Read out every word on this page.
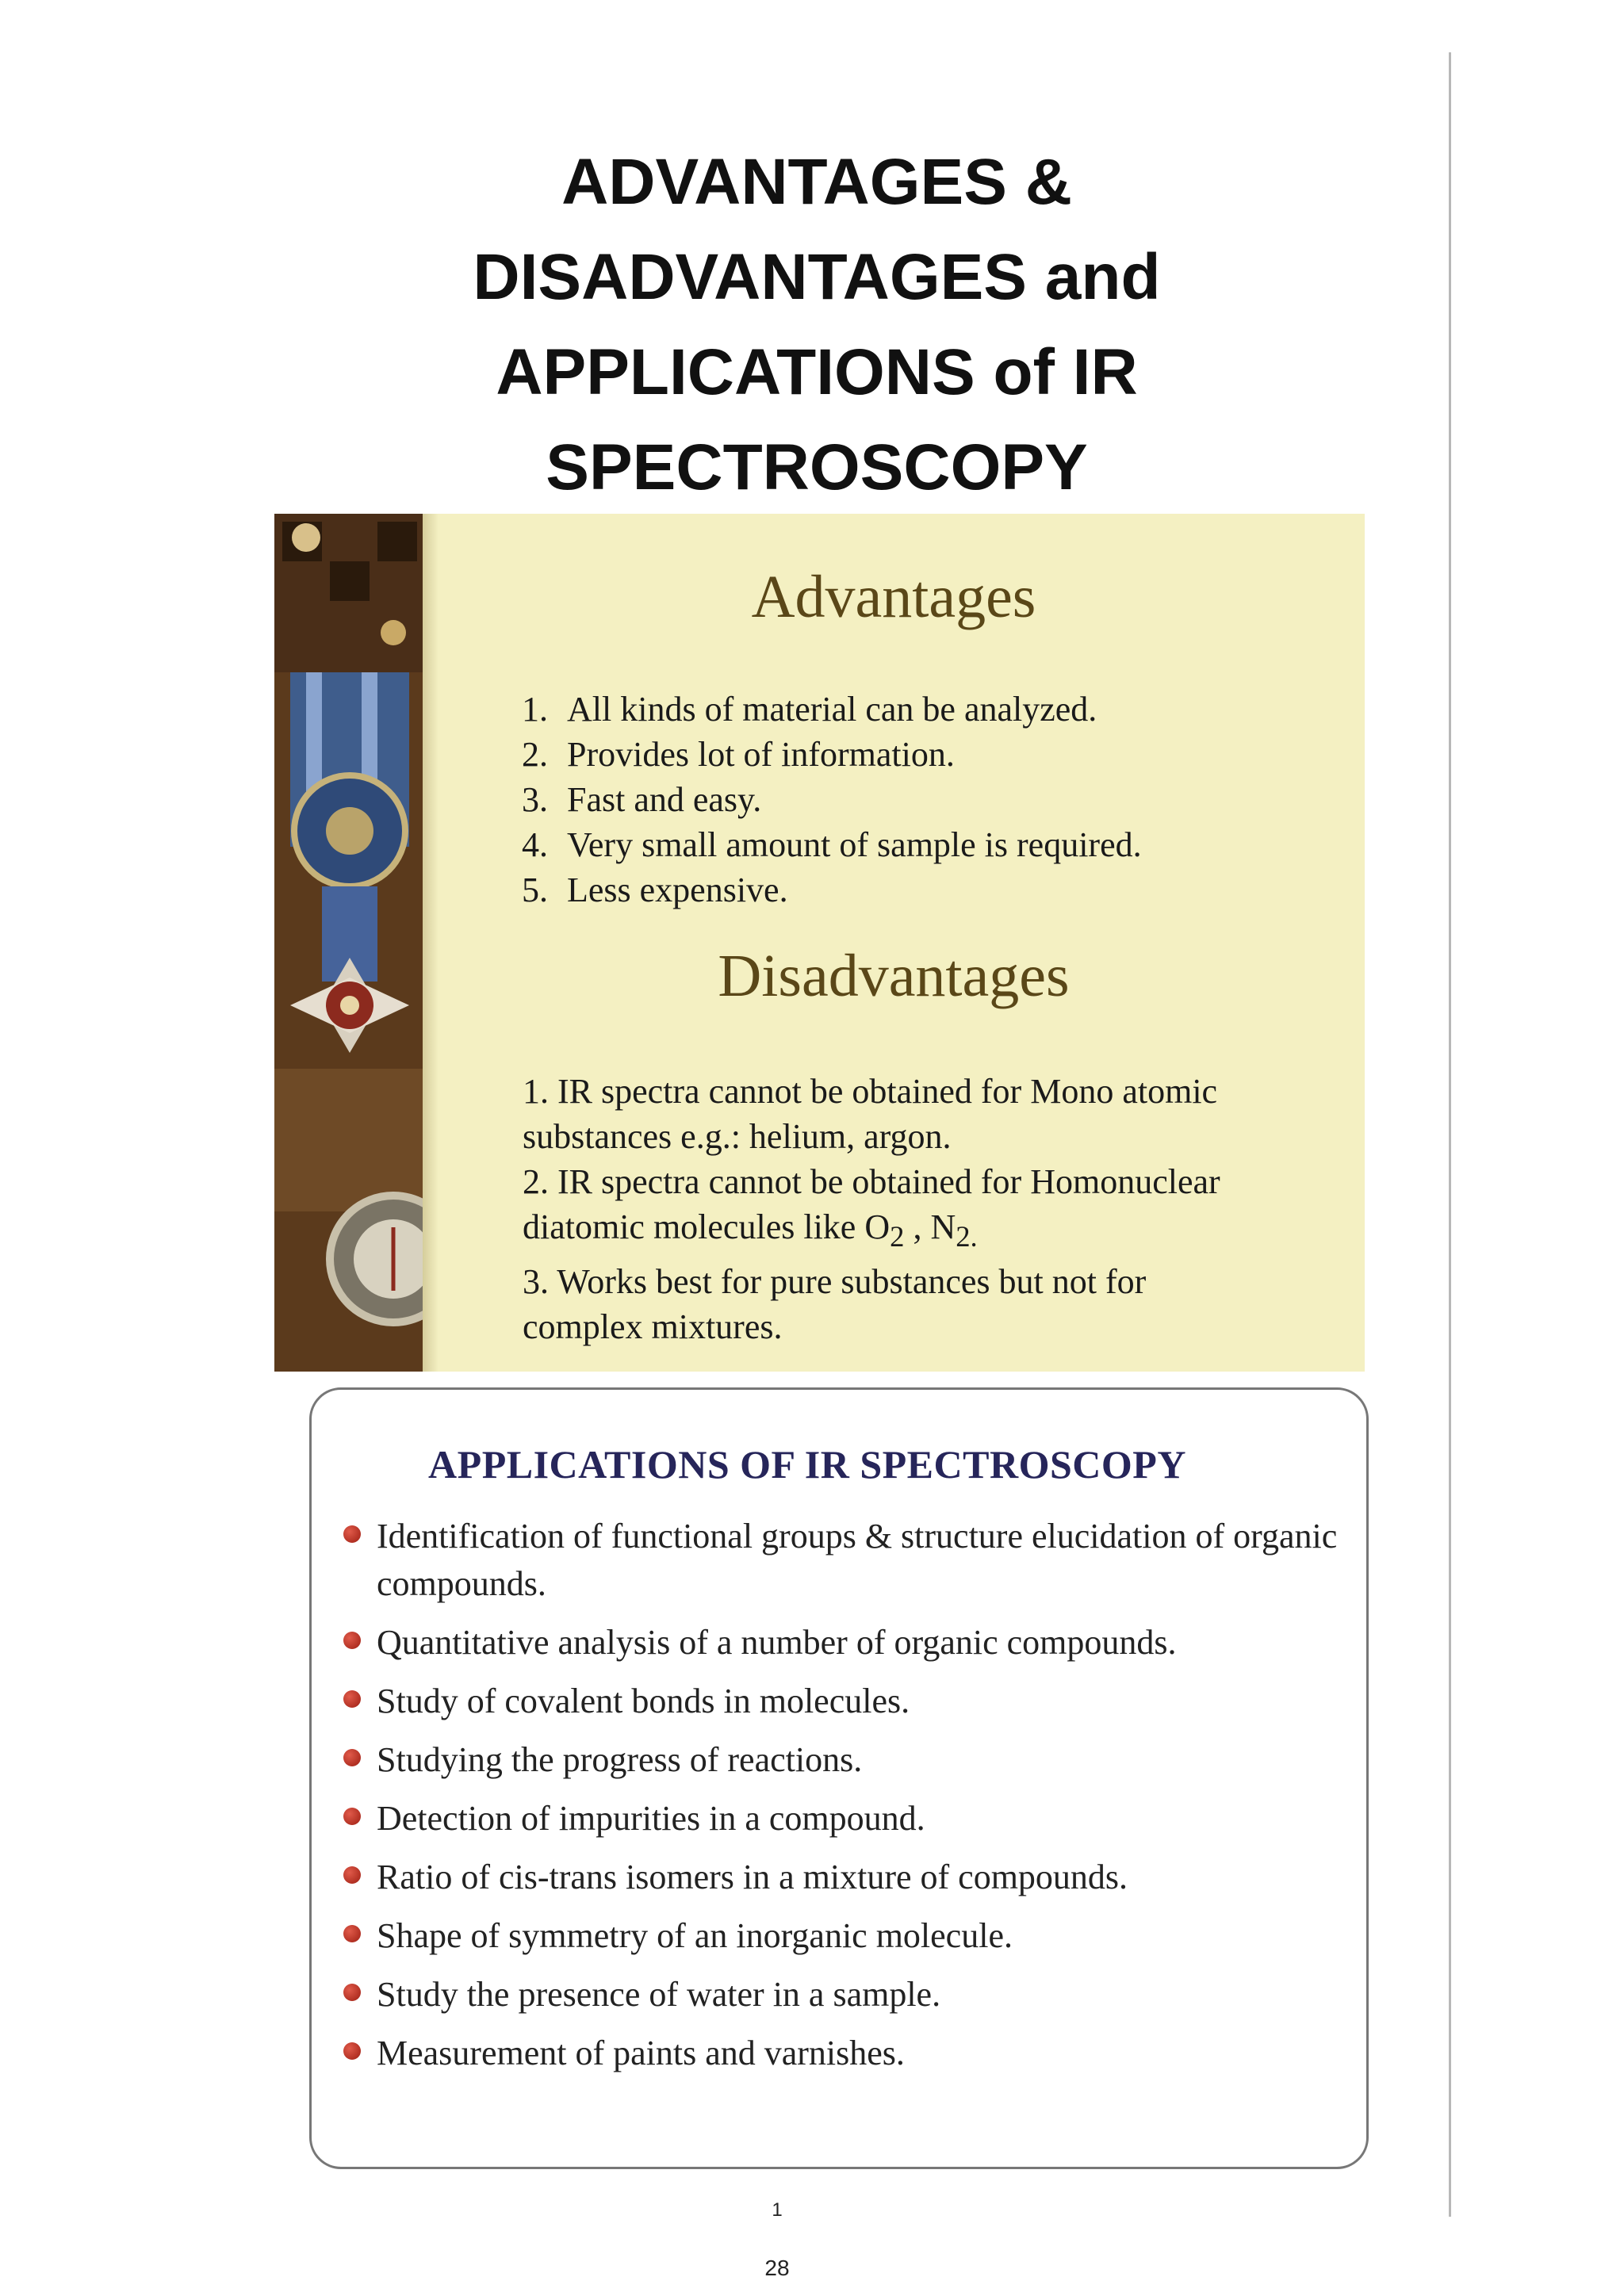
ADVANTAGES &
DISADVANTAGES and
APPLICATIONS of IR
SPECTROSCOPY
Advantages
1. All kinds of material can be analyzed.
2. Provides lot of information.
3. Fast and easy.
4. Very small amount of sample is required.
5. Less expensive.
Disadvantages
1. IR spectra cannot be obtained for Mono atomic
substances e.g.: helium, argon.
2. IR spectra cannot be obtained for Homonuclear
diatomic molecules like $O_2$ , $N_{2.}$
3. Works best for pure substances but not for
complex mixtures.
APPLICATIONS OF IR SPECTROSCOPY
Identification of functional groups & structure elucidation of organic compounds.
Quantitative analysis of a number of organic compounds.
Study of covalent bonds in molecules.
Studying the progress of reactions.
Detection of impurities in a compound.
Ratio of cis-trans isomers in a mixture of compounds.
Shape of symmetry of an inorganic molecule.
Study the presence of water in a sample.
Measurement of paints and varnishes.
1
28
